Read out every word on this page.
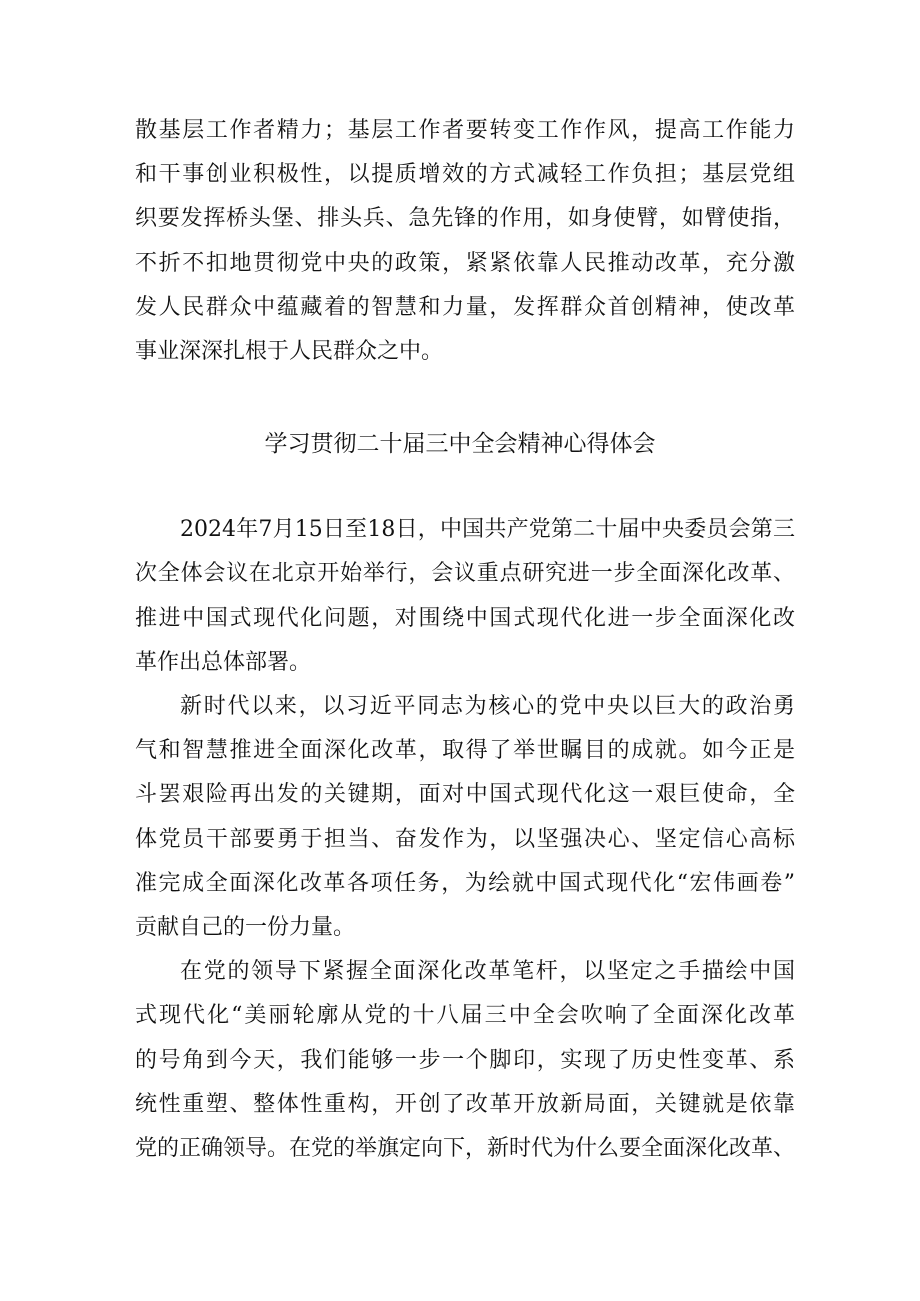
散基层工作者精力；基层工作者要转变工作作风，提高工作能力
和干事创业积极性，以提质增效的方式减轻工作负担；基层党组
织要发挥桥头堡、排头兵、急先锋的作用，如身使臂，如臂使指，
不折不扣地贯彻党中央的政策，紧紧依靠人民推动改革，充分激
发人民群众中蕴藏着的智慧和力量，发挥群众首创精神，使改革
事业深深扎根于人民群众之中。
学习贯彻二十届三中全会精神心得体会
2024年7月15日至18日，中国共产党第二十届中央委员会第三
次全体会议在北京开始举行，会议重点研究进一步全面深化改革、
推进中国式现代化问题，对围绕中国式现代化进一步全面深化改
革作出总体部署。
新时代以来，以习近平同志为核心的党中央以巨大的政治勇
气和智慧推进全面深化改革，取得了举世瞩目的成就。如今正是
斗罢艰险再出发的关键期，面对中国式现代化这一艰巨使命，全
体党员干部要勇于担当、奋发作为，以坚强决心、坚定信心高标
准完成全面深化改革各项任务，为绘就中国式现代化“宏伟画卷”
贡献自己的一份力量。
在党的领导下紧握全面深化改革笔杆，以坚定之手描绘中国
式现代化“美丽轮廓从党的十八届三中全会吹响了全面深化改革
的号角到今天，我们能够一步一个脚印，实现了历史性变革、系
统性重塑、整体性重构，开创了改革开放新局面，关键就是依靠
党的正确领导。在党的举旗定向下，新时代为什么要全面深化改革、
